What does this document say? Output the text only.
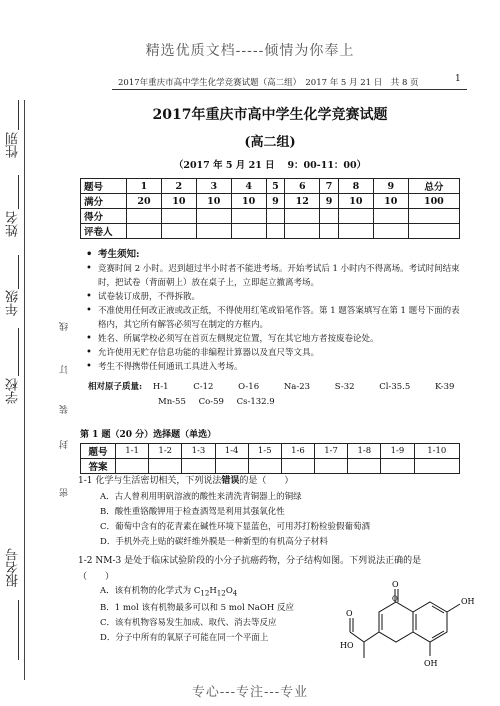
精选优质文档-----倾情为你奉上
2017年重庆市高中学生化学竞赛试题（高二组）　2017 年 5 月 21 日　共 8 页	1
性别
姓名
年级
学校
报名号
线
订
装
封
密
2017年重庆市高中学生化学竞赛试题
(高二组)
（2017 年 5 月 21 日　 9：00-11：00）
题号	1	2	3	4	5	6	7	8	9	总分
满分	20	10	10	10	9	12	9	10	10	100
得分										
评卷人										
• 考生须知:
• 竞赛时间 2 小时。迟到超过半小时者不能进考场。开始考试后 1 小时内不得离场。考试时间结束时，把试卷（背面朝上）放在桌子上，立即起立撤离考场。
• 试卷装订成册，不得拆散。
• 不准使用任何改正液或改正纸，不得使用红笔或铅笔作答。第 1 题答案填写在第 1 题号下面的表格内，其它所有解答必须写在制定的方框内。
• 姓名、所属学校必须写在首页左侧规定位置，写在其它地方者按废卷论处。
• 允许使用无贮存信息功能的非编程计算器以及直尺等文具。
• 考生不得携带任何通讯工具进入考场。
相对原子质量: H-1	C-12	O-16	Na-23	S-32	Cl-35.5	K-39
Mn-55 Co-59 Cs-132.9
第 1 题（20 分）选择题（单选）
题号	1-1	1-2	1-3	1-4	1-5	1-6	1-7	1-8	1-9	1-10
答案										
1-1 化学与生活密切相关，下列说法错误的是（　　）
A．古人曾利用明矾溶液的酸性来清洗青铜器上的铜绿
B．酸性重铬酸钾用于检查酒驾是利用其强氧化性
C．葡萄中含有的花青素在碱性环境下显蓝色，可用苏打粉检验假葡萄酒
D．手机外壳上贴的碳纤维外膜是一种新型的有机高分子材料
1-2 NM-3 是处于临床试验阶段的小分子抗癌药物，分子结构如图。下列说法正确的是
（　　）
A．该有机物的化学式为 $C_{12}H_{12}O_4$
B．1 mol 该有机物最多可以和 5 mol NaOH 反应
C．该有机物容易发生加成、取代、消去等反应
D．分子中所有的氧原子可能在同一个平面上
O
O	OH
OH
HO
O
专心---专注---专业
